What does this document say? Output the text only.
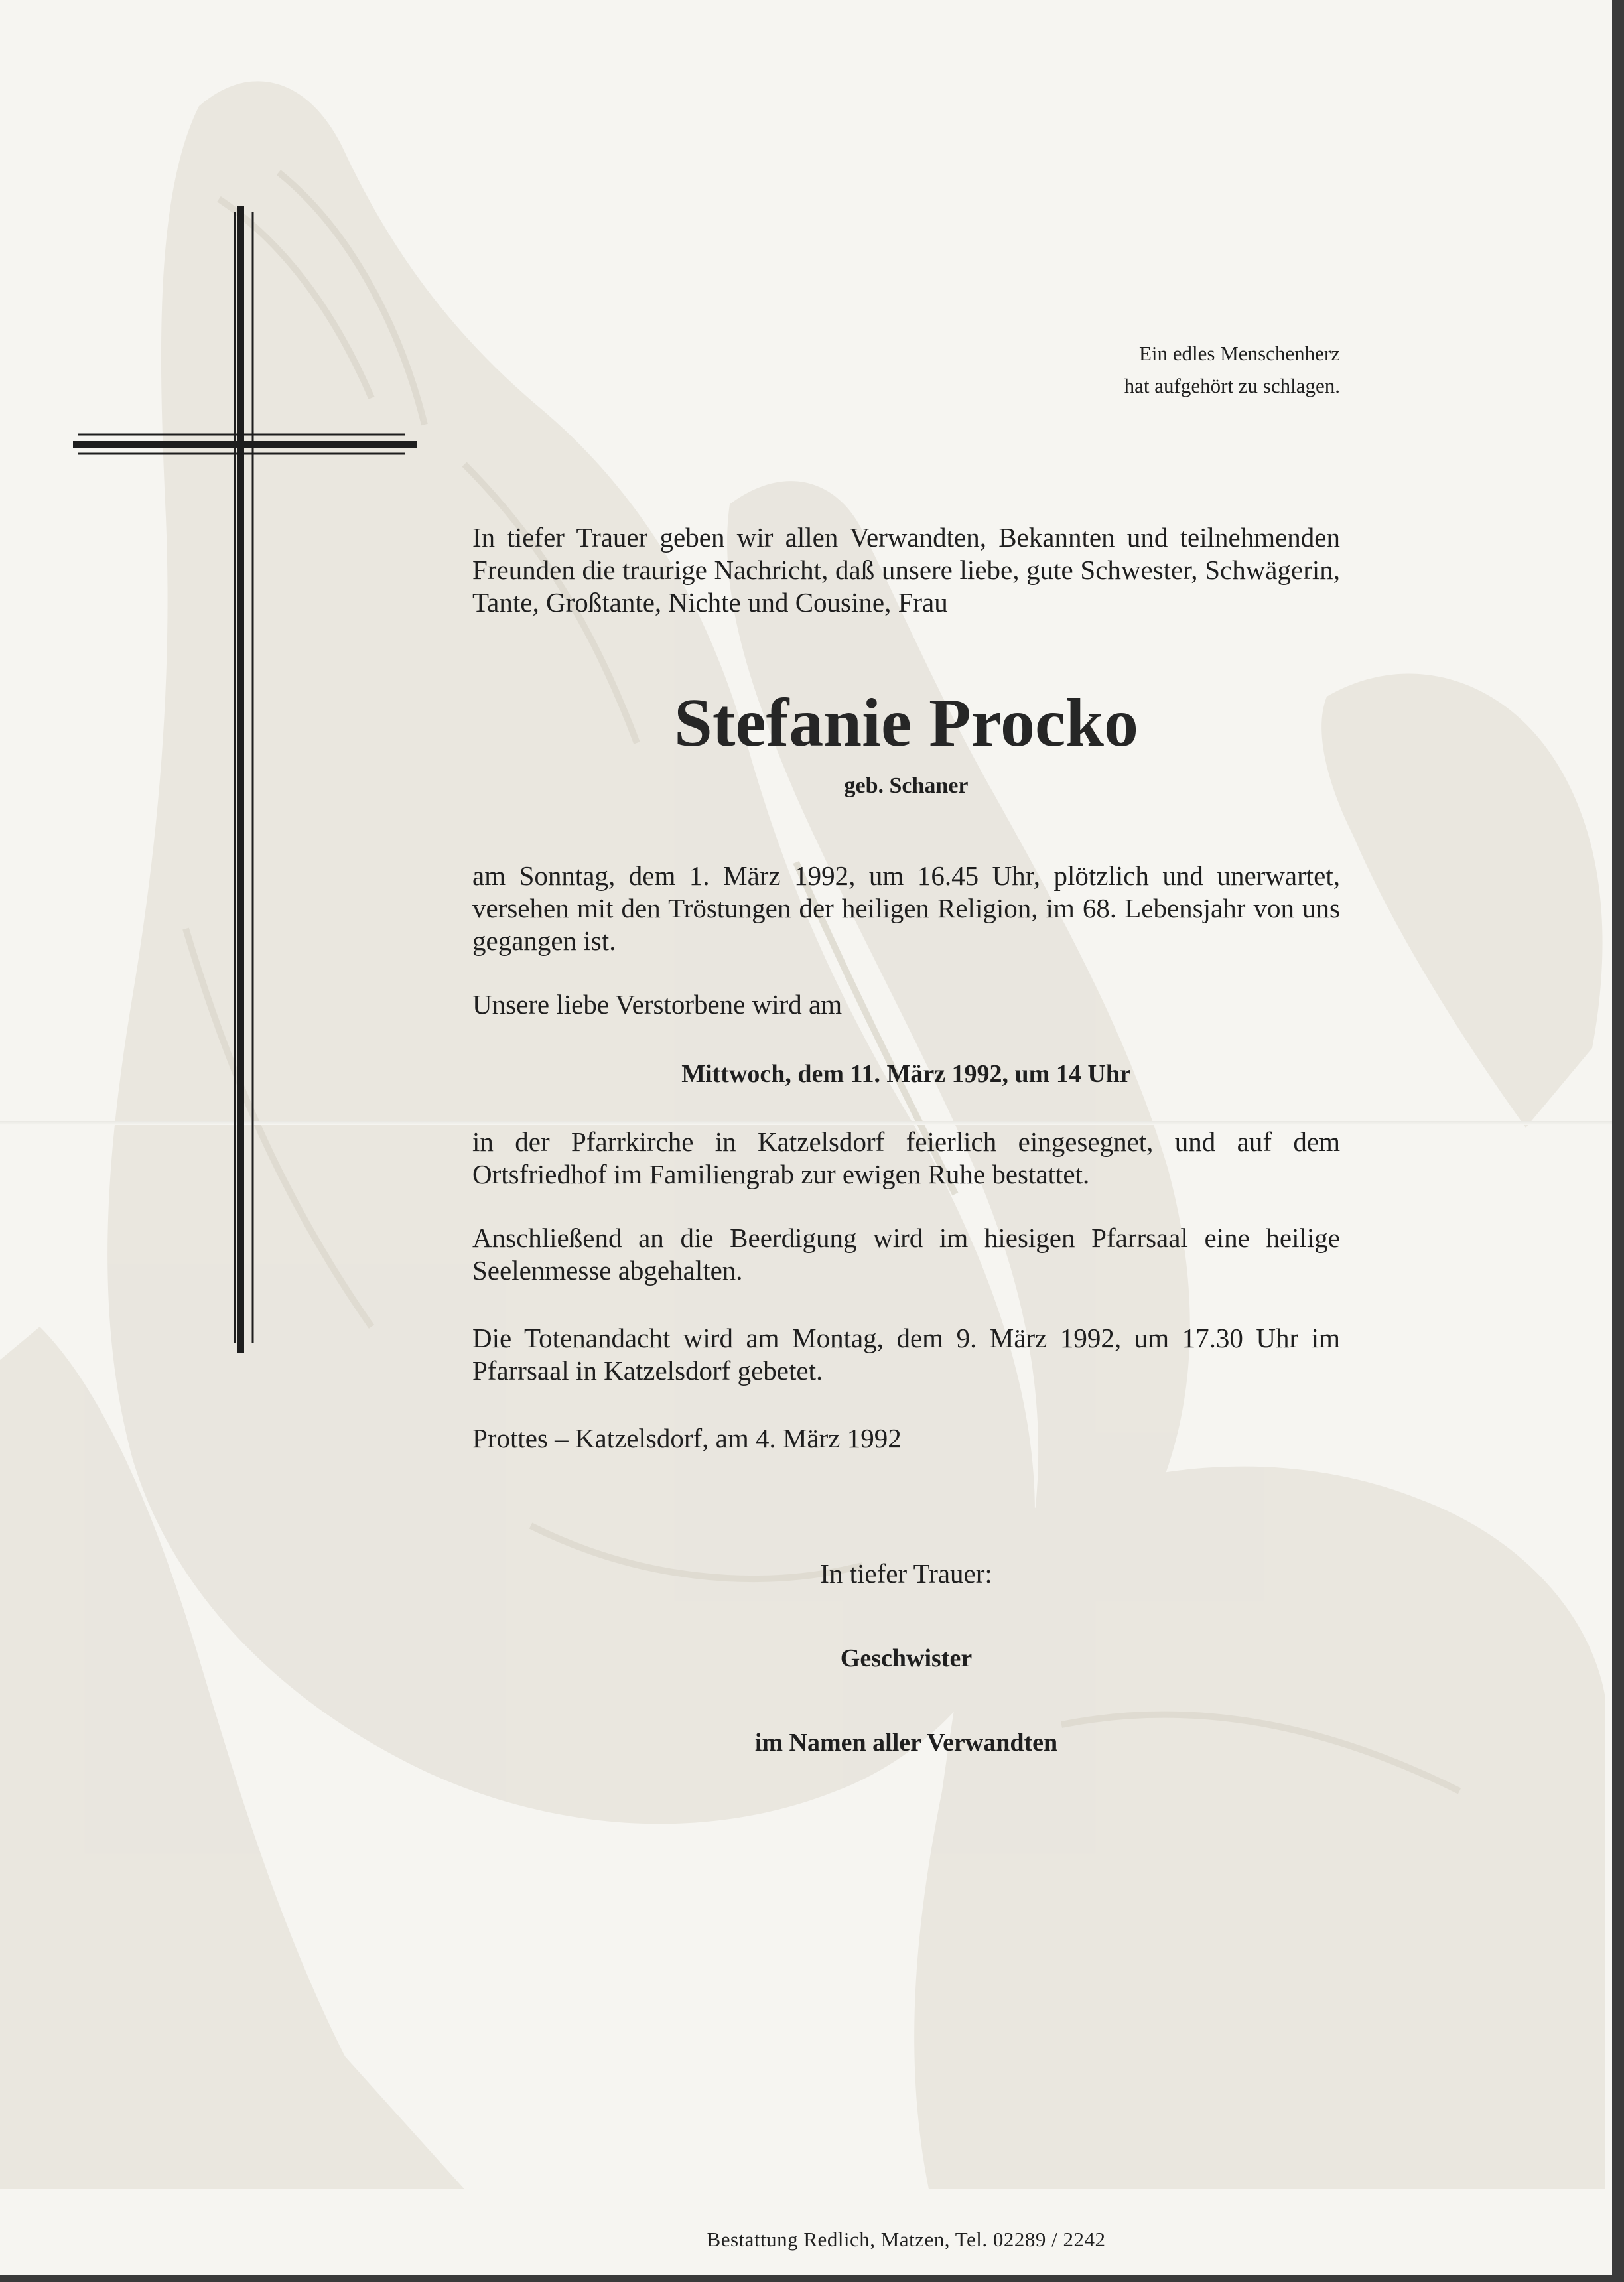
Ein edles Menschenherz
hat aufgehört zu schlagen.
In tiefer Trauer geben wir allen Verwandten, Bekannten und teilnehmenden Freunden die traurige Nachricht, daß unsere liebe, gute Schwester, Schwägerin, Tante, Großtante, Nichte und Cousine, Frau
Stefanie Procko
geb. Schaner
am Sonntag, dem 1. März 1992, um 16.45 Uhr, plötzlich und unerwartet, versehen mit den Tröstungen der heiligen Religion, im 68. Lebensjahr von uns gegangen ist.
Unsere liebe Verstorbene wird am
Mittwoch, dem 11. März 1992, um 14 Uhr
in der Pfarrkirche in Katzelsdorf feierlich eingesegnet, und auf dem Ortsfriedhof im Familiengrab zur ewigen Ruhe bestattet.
Anschließend an die Beerdigung wird im hiesigen Pfarrsaal eine heilige Seelenmesse abgehalten.
Die Totenandacht wird am Montag, dem 9. März 1992, um 17.30 Uhr im Pfarrsaal in Katzelsdorf gebetet.
Prottes – Katzelsdorf, am 4. März 1992
In tiefer Trauer:
Geschwister
im Namen aller Verwandten
Bestattung Redlich, Matzen, Tel. 02289 / 2242
